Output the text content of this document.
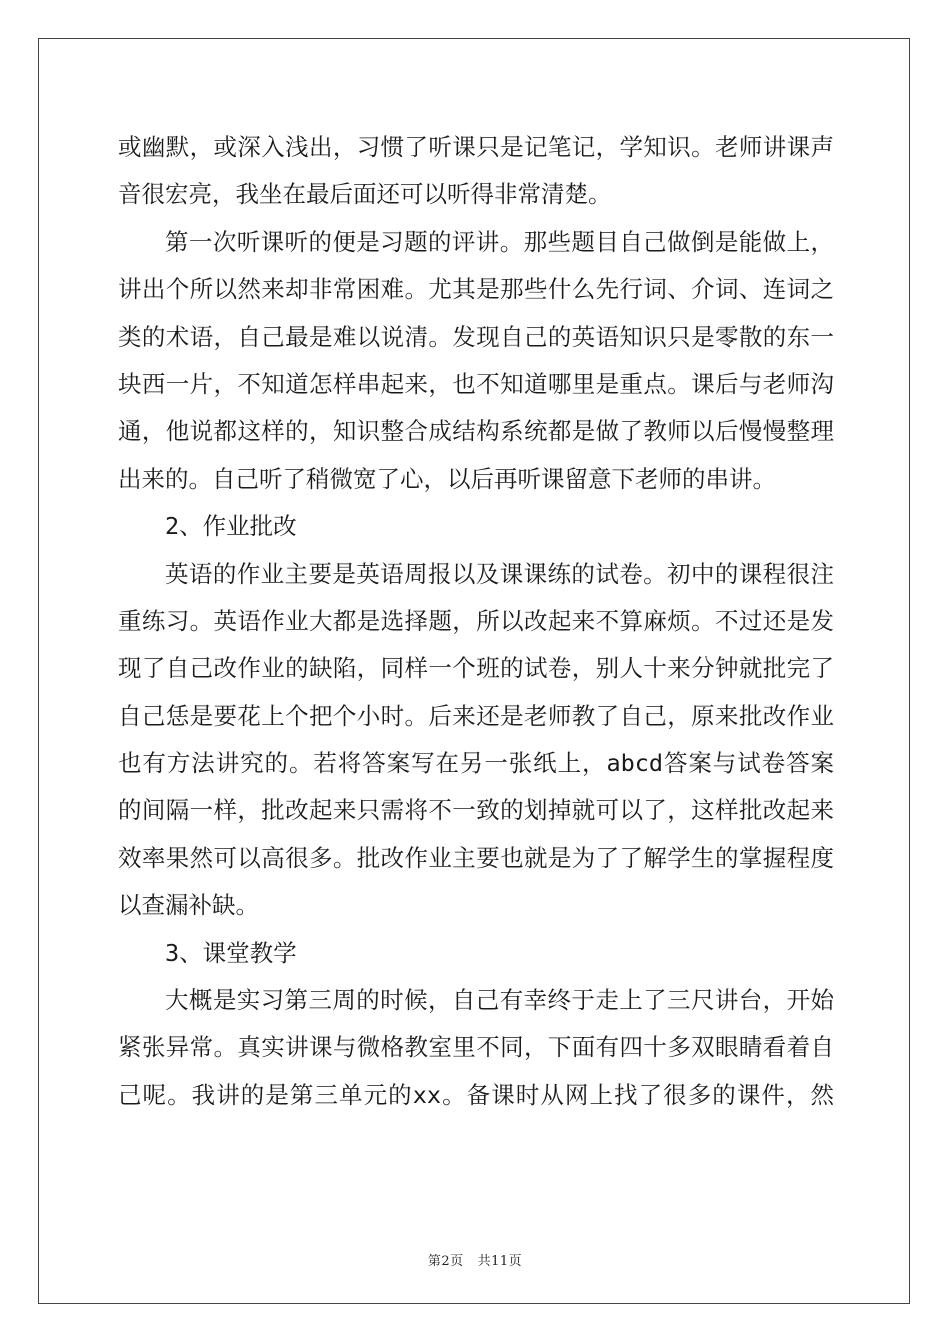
或幽默，或深入浅出，习惯了听课只是记笔记，学知识。老师讲课声
音很宏亮，我坐在最后面还可以听得非常清楚。
第一次听课听的便是习题的评讲。那些题目自己做倒是能做上，
讲出个所以然来却非常困难。尤其是那些什么先行词、介词、连词之
类的术语，自己最是难以说清。发现自己的英语知识只是零散的东一
块西一片，不知道怎样串起来，也不知道哪里是重点。课后与老师沟
通，他说都这样的，知识整合成结构系统都是做了教师以后慢慢整理
出来的。自己听了稍微宽了心，以后再听课留意下老师的串讲。
2、作业批改
英语的作业主要是英语周报以及课课练的试卷。初中的课程很注
重练习。英语作业大都是选择题，所以改起来不算麻烦。不过还是发
现了自己改作业的缺陷，同样一个班的试卷，别人十来分钟就批完了
自己恁是要花上个把个小时。后来还是老师教了自己，原来批改作业
也有方法讲究的。若将答案写在另一张纸上，abcd答案与试卷答案
的间隔一样，批改起来只需将不一致的划掉就可以了，这样批改起来
效率果然可以高很多。批改作业主要也就是为了了解学生的掌握程度
以查漏补缺。
3、课堂教学
大概是实习第三周的时候，自己有幸终于走上了三尺讲台，开始
紧张异常。真实讲课与微格教室里不同，下面有四十多双眼睛看着自
己呢。我讲的是第三单元的xx。备课时从网上找了很多的课件，然
第2页 共11页
